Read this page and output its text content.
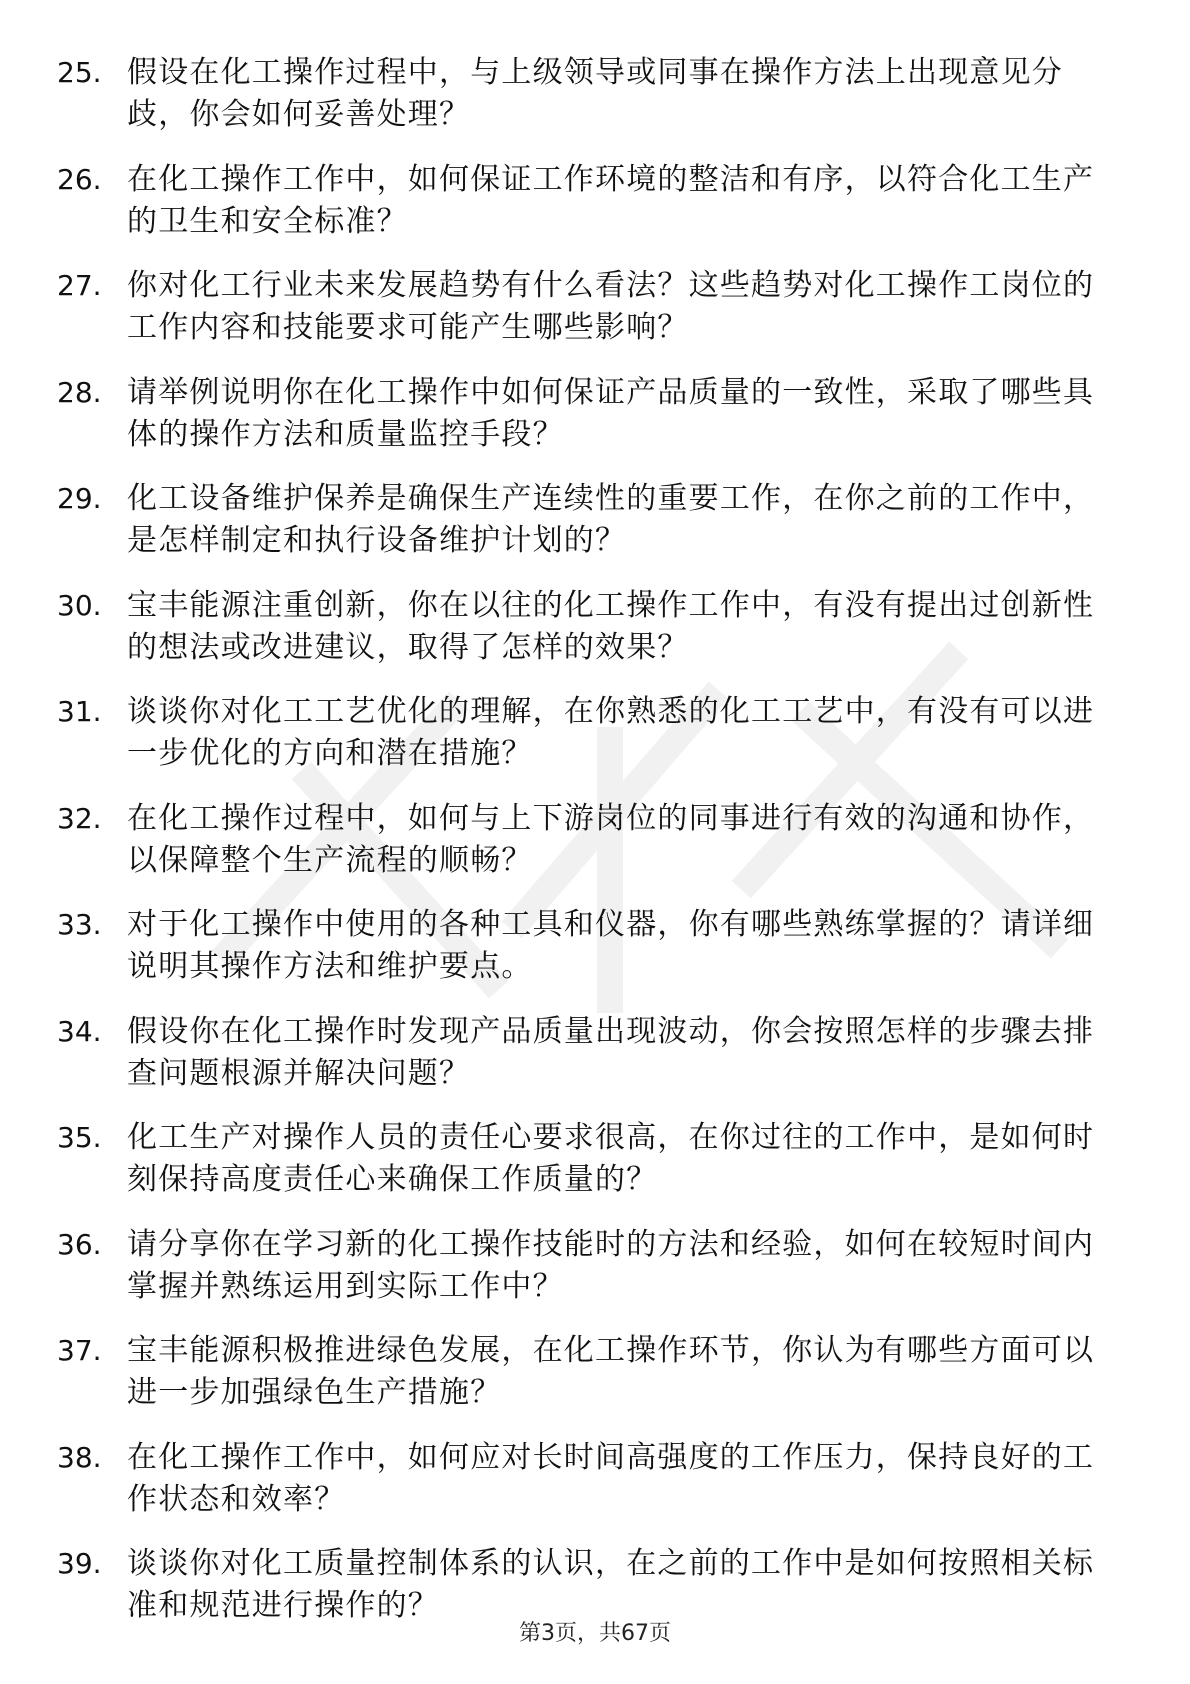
25. 假设在化工操作过程中，与上级领导或同事在操作方法上出现意见分歧，你会如何妥善处理？
26. 在化工操作工作中，如何保证工作环境的整洁和有序，以符合化工生产的卫生和安全标准？
27. 你对化工行业未来发展趋势有什么看法？这些趋势对化工操作工岗位的工作内容和技能要求可能产生哪些影响？
28. 请举例说明你在化工操作中如何保证产品质量的一致性，采取了哪些具体的操作方法和质量监控手段？
29. 化工设备维护保养是确保生产连续性的重要工作，在你之前的工作中，是怎样制定和执行设备维护计划的？
30. 宝丰能源注重创新，你在以往的化工操作工作中，有没有提出过创新性的想法或改进建议，取得了怎样的效果？
31. 谈谈你对化工工艺优化的理解，在你熟悉的化工工艺中，有没有可以进一步优化的方向和潜在措施？
32. 在化工操作过程中，如何与上下游岗位的同事进行有效的沟通和协作，以保障整个生产流程的顺畅？
33. 对于化工操作中使用的各种工具和仪器，你有哪些熟练掌握的？请详细说明其操作方法和维护要点。
34. 假设你在化工操作时发现产品质量出现波动，你会按照怎样的步骤去排查问题根源并解决问题？
35. 化工生产对操作人员的责任心要求很高，在你过往的工作中，是如何时刻保持高度责任心来确保工作质量的？
36. 请分享你在学习新的化工操作技能时的方法和经验，如何在较短时间内掌握并熟练运用到实际工作中？
37. 宝丰能源积极推进绿色发展，在化工操作环节，你认为有哪些方面可以进一步加强绿色生产措施？
38. 在化工操作工作中，如何应对长时间高强度的工作压力，保持良好的工作状态和效率？
39. 谈谈你对化工质量控制体系的认识，在之前的工作中是如何按照相关标准和规范进行操作的？
第3页，共67页
